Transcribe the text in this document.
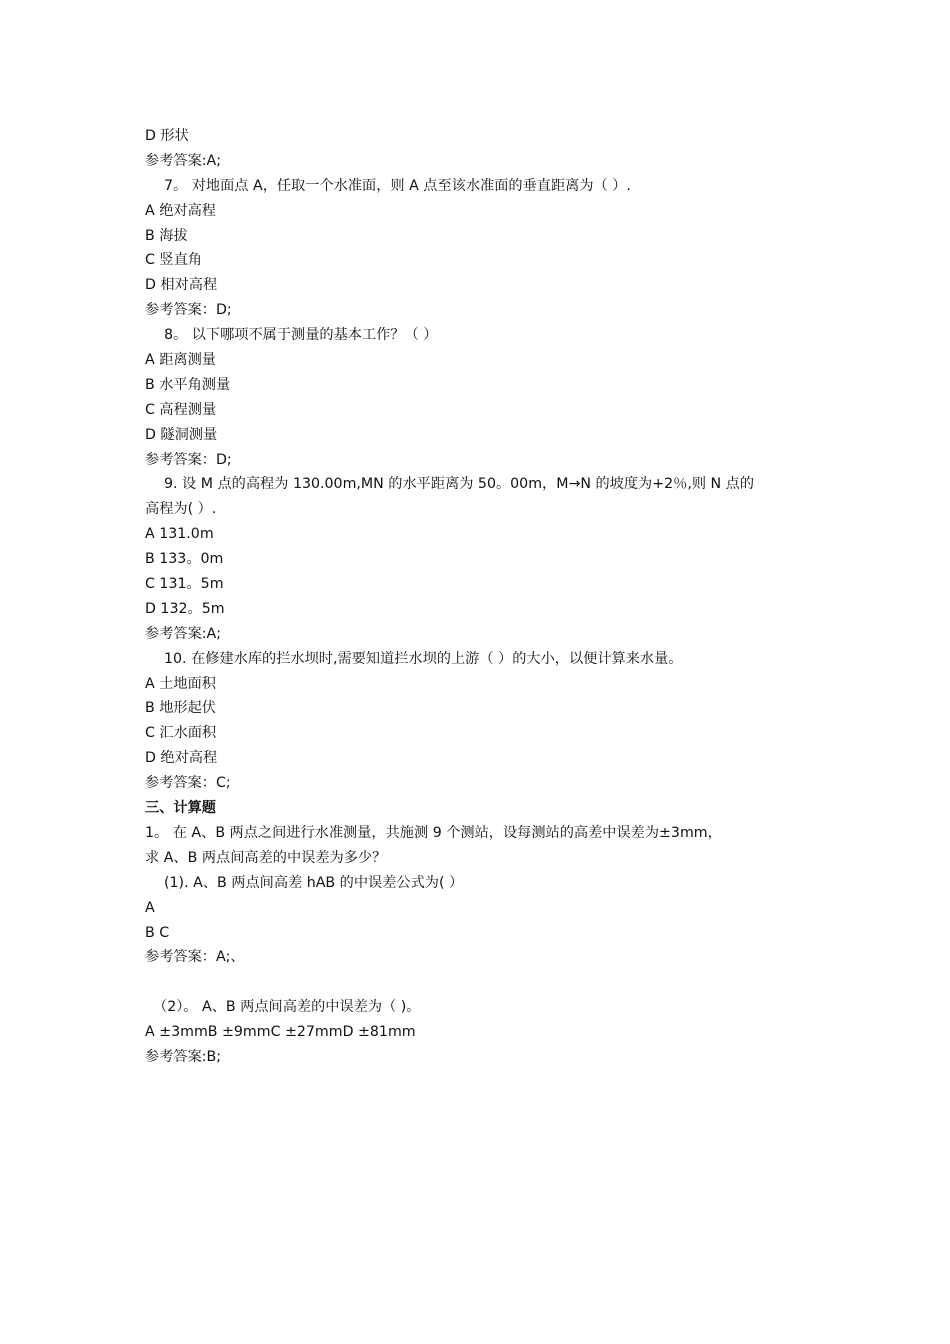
D 形状
参考答案:A;
7。 对地面点 A，任取一个水准面，则 A 点至该水准面的垂直距离为（ ）.
A 绝对高程
B 海拔
C 竖直角
D 相对高程
参考答案：D;
8。 以下哪项不属于测量的基本工作？（ ）
A 距离测量
B 水平角测量
C 高程测量
D 隧洞测量
参考答案：D;
9. 设 M 点的高程为 130.00m,MN 的水平距离为 50。00m，M→N 的坡度为+2％,则 N 点的
高程为( ）.
A 131.0m
B 133。0m
C 131。5m
D 132。5m
参考答案:A;
10. 在修建水库的拦水坝时,需要知道拦水坝的上游（ ）的大小，以便计算来水量。
A 土地面积
B 地形起伏
C 汇水面积
D 绝对高程
参考答案：C;
三、计算题
1。 在 A、B 两点之间进行水准测量，共施测 9 个测站，设每测站的高差中误差为±3mm，
求 A、B 两点间高差的中误差为多少？
(1). A、B 两点间高差 hAB 的中误差公式为( ）
A
B C
参考答案：A;、
（2）。 A、B 两点间高差的中误差为（ )。
A ±3mmB ±9mmC ±27mmD ±81mm
参考答案:B;
